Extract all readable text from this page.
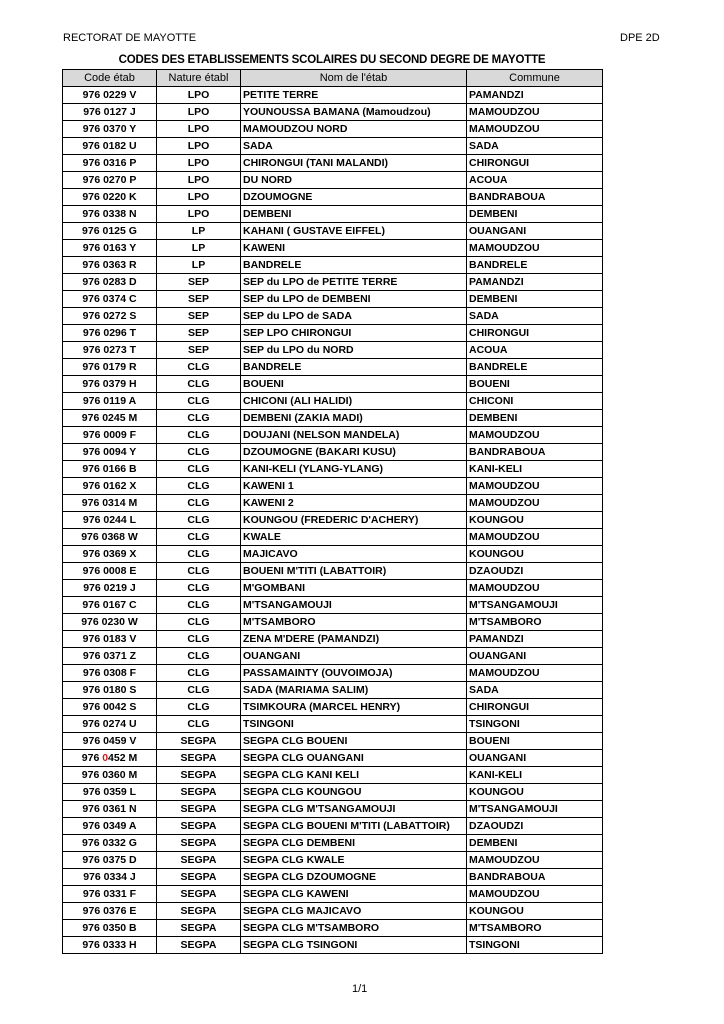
RECTORAT DE MAYOTTE	DPE 2D
CODES DES ETABLISSEMENTS SCOLAIRES DU SECOND DEGRE DE MAYOTTE
Code étab	Nature établ	Nom de l'étab	Commune
976 0229 V	LPO	PETITE TERRE	PAMANDZI
976 0127 J	LPO	YOUNOUSSA BAMANA (Mamoudzou)	MAMOUDZOU
976 0370 Y	LPO	MAMOUDZOU NORD	MAMOUDZOU
976 0182 U	LPO	SADA	SADA
976 0316 P	LPO	CHIRONGUI (TANI MALANDI)	CHIRONGUI
976 0270 P	LPO	DU NORD	ACOUA
976 0220 K	LPO	DZOUMOGNE	BANDRABOUA
976 0338 N	LPO	DEMBENI	DEMBENI
976 0125 G	LP	KAHANI ( GUSTAVE EIFFEL)	OUANGANI
976 0163 Y	LP	KAWENI	MAMOUDZOU
976 0363 R	LP	BANDRELE	BANDRELE
976 0283 D	SEP	SEP du LPO de PETITE TERRE	PAMANDZI
976 0374 C	SEP	SEP du LPO de DEMBENI	DEMBENI
976 0272 S	SEP	SEP du LPO de SADA	SADA
976 0296 T	SEP	SEP LPO CHIRONGUI	CHIRONGUI
976 0273 T	SEP	SEP du LPO du NORD	ACOUA
976 0179 R	CLG	BANDRELE	BANDRELE
976 0379 H	CLG	BOUENI	BOUENI
976 0119 A	CLG	CHICONI (ALI HALIDI)	CHICONI
976 0245 M	CLG	DEMBENI (ZAKIA MADI)	DEMBENI
976 0009 F	CLG	DOUJANI (NELSON MANDELA)	MAMOUDZOU
976 0094 Y	CLG	DZOUMOGNE (BAKARI KUSU)	BANDRABOUA
976 0166 B	CLG	KANI-KELI (YLANG-YLANG)	KANI-KELI
976 0162 X	CLG	KAWENI 1	MAMOUDZOU
976 0314 M	CLG	KAWENI 2	MAMOUDZOU
976 0244 L	CLG	KOUNGOU (FREDERIC D'ACHERY)	KOUNGOU
976 0368 W	CLG	KWALE	MAMOUDZOU
976 0369 X	CLG	MAJICAVO	KOUNGOU
976 0008 E	CLG	BOUENI M'TITI (LABATTOIR)	DZAOUDZI
976 0219 J	CLG	M'GOMBANI	MAMOUDZOU
976 0167 C	CLG	M'TSANGAMOUJI	M'TSANGAMOUJI
976 0230 W	CLG	M'TSAMBORO	M'TSAMBORO
976 0183 V	CLG	ZENA M'DERE (PAMANDZI)	PAMANDZI
976 0371 Z	CLG	OUANGANI	OUANGANI
976 0308 F	CLG	PASSAMAINTY (OUVOIMOJA)	MAMOUDZOU
976 0180 S	CLG	SADA (MARIAMA SALIM)	SADA
976 0042 S	CLG	TSIMKOURA (MARCEL HENRY)	CHIRONGUI
976 0274 U	CLG	TSINGONI	TSINGONI
976 0459 V	SEGPA	SEGPA CLG BOUENI	BOUENI
976 0452 M	SEGPA	SEGPA CLG OUANGANI	OUANGANI
976 0360 M	SEGPA	SEGPA CLG KANI KELI	KANI-KELI
976 0359 L	SEGPA	SEGPA CLG KOUNGOU	KOUNGOU
976 0361 N	SEGPA	SEGPA CLG M'TSANGAMOUJI	M'TSANGAMOUJI
976 0349 A	SEGPA	SEGPA CLG BOUENI M'TITI (LABATTOIR)	DZAOUDZI
976 0332 G	SEGPA	SEGPA CLG DEMBENI	DEMBENI
976 0375 D	SEGPA	SEGPA CLG KWALE	MAMOUDZOU
976 0334 J	SEGPA	SEGPA CLG DZOUMOGNE	BANDRABOUA
976 0331 F	SEGPA	SEGPA CLG KAWENI	MAMOUDZOU
976 0376 E	SEGPA	SEGPA CLG MAJICAVO	KOUNGOU
976 0350 B	SEGPA	SEGPA CLG M'TSAMBORO	M'TSAMBORO
976 0333 H	SEGPA	SEGPA CLG TSINGONI	TSINGONI
1/1
